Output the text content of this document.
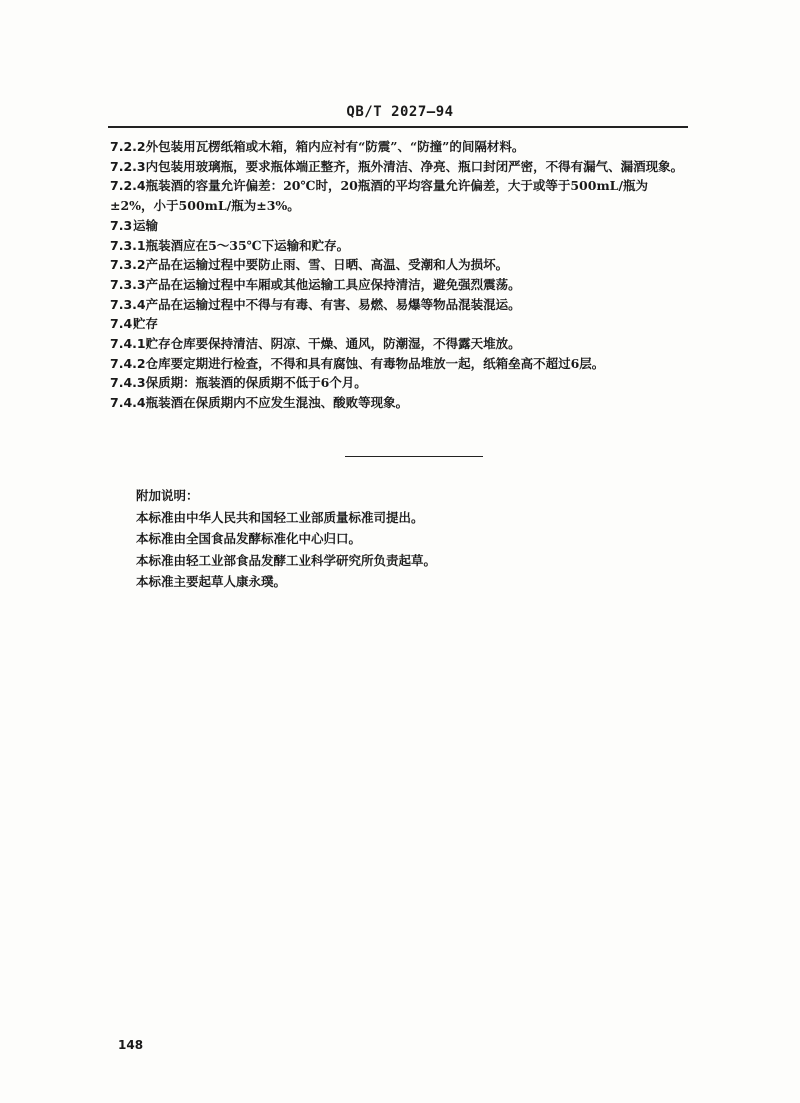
QB/T 2027—94

7.2.2外包装用瓦楞纸箱或木箱，箱内应衬有“防震”、“防撞”的间隔材料。

7.2.3内包装用玻璃瓶，要求瓶体端正整齐，瓶外清洁、净亮、瓶口封闭严密，不得有漏气、漏酒现象。

7.2.4瓶装酒的容量允许偏差：20℃时，20瓶酒的平均容量允许偏差，大于或等于500mL/瓶为±2%，小于500mL/瓶为±3%。

7.3运输

7.3.1瓶装酒应在5～35℃下运输和贮存。

7.3.2产品在运输过程中要防止雨、雪、日晒、高温、受潮和人为损坏。

7.3.3产品在运输过程中车厢或其他运输工具应保持清洁，避免强烈震荡。

7.3.4产品在运输过程中不得与有毒、有害、易燃、易爆等物品混装混运。

7.4贮存

7.4.1贮存仓库要保持清洁、阴凉、干燥、通风，防潮湿，不得露天堆放。

7.4.2仓库要定期进行检查，不得和具有腐蚀、有毒物品堆放一起，纸箱垒高不超过6层。

7.4.3保质期：瓶装酒的保质期不低于6个月。

7.4.4瓶装酒在保质期内不应发生混浊、酸败等现象。

附加说明：
本标准由中华人民共和国轻工业部质量标准司提出。
本标准由全国食品发酵标准化中心归口。
本标准由轻工业部食品发酵工业科学研究所负责起草。
本标准主要起草人康永璞。
148
